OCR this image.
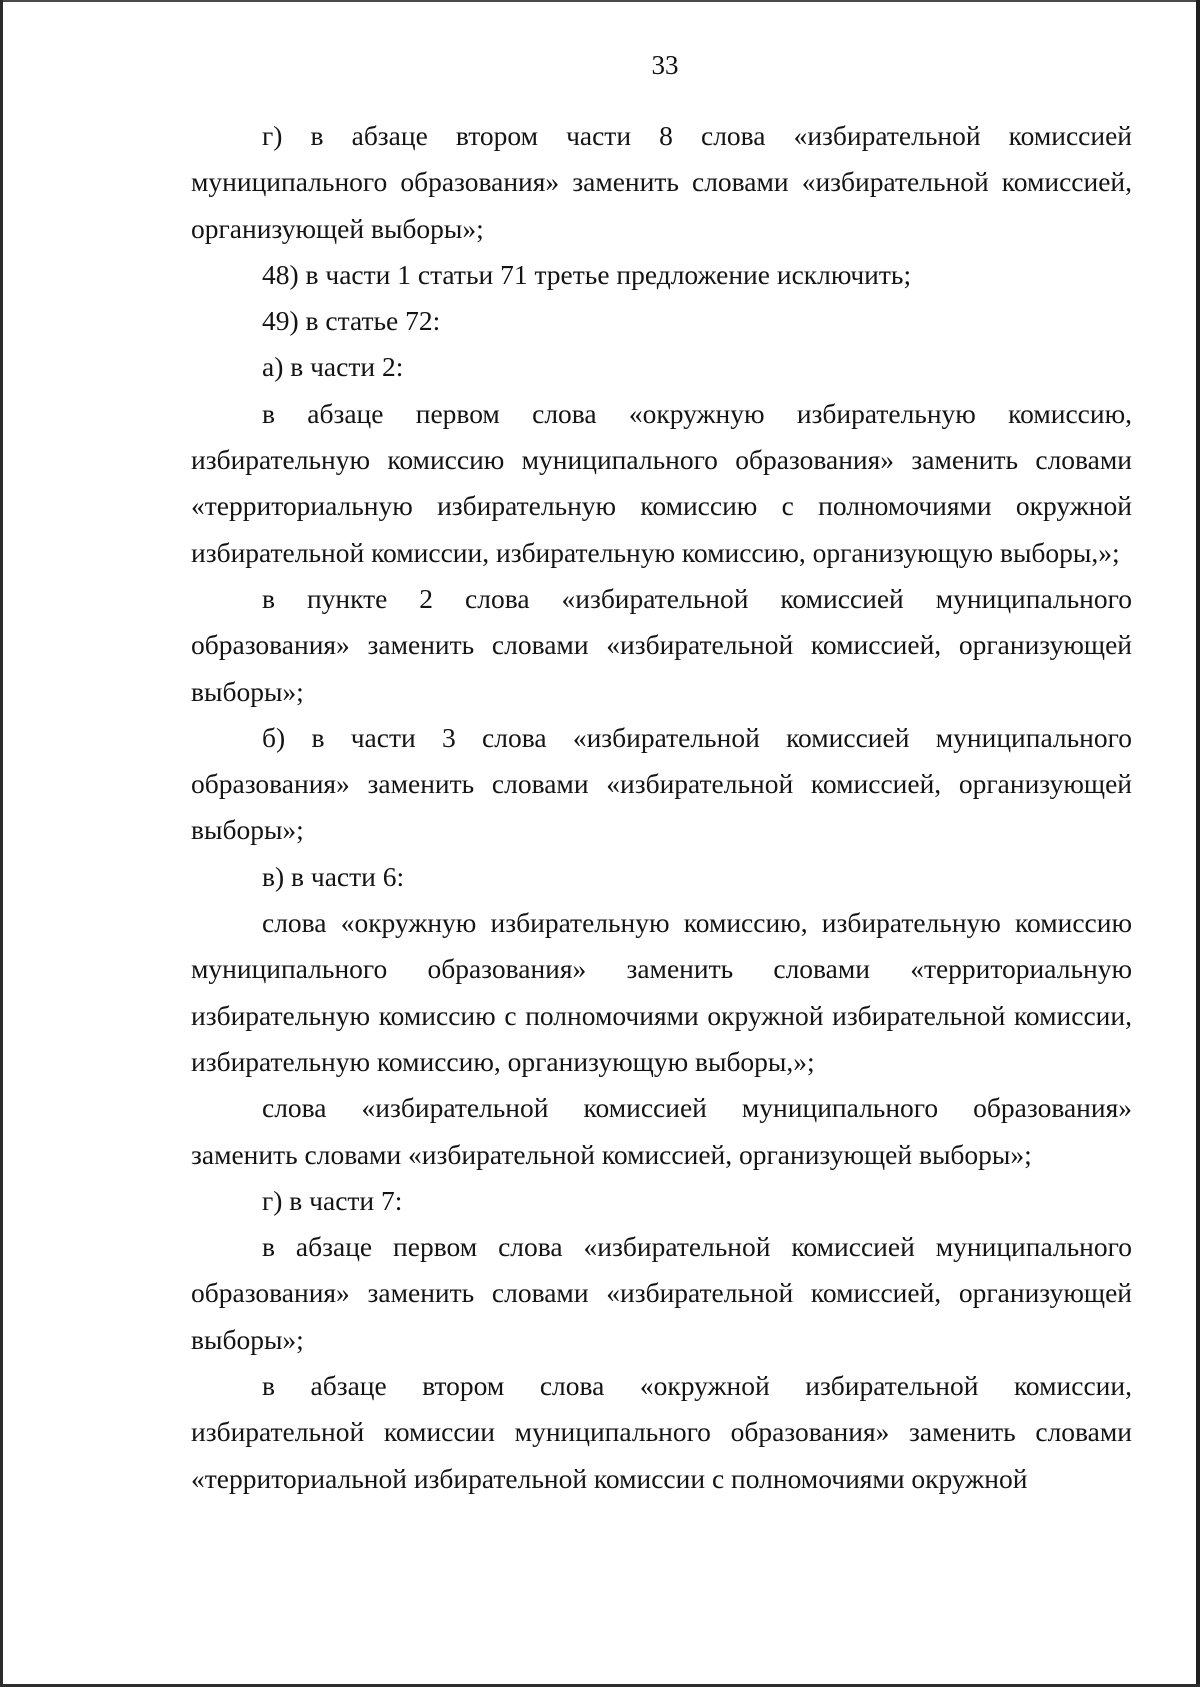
33

г) в абзаце втором части 8 слова «избирательной комиссией муниципального образования» заменить словами «избирательной комиссией, организующей выборы»;

48) в части 1 статьи 71 третье предложение исключить;

49) в статье 72:

а) в части 2:

в абзаце первом слова «окружную избирательную комиссию, избирательную комиссию муниципального образования» заменить словами «территориальную избирательную комиссию с полномочиями окружной избирательной комиссии, избирательную комиссию, организующую выборы,»;

в пункте 2 слова «избирательной комиссией муниципального образования» заменить словами «избирательной комиссией, организующей выборы»;

б) в части 3 слова «избирательной комиссией муниципального образования» заменить словами «избирательной комиссией, организующей выборы»;

в) в части 6:

слова «окружную избирательную комиссию, избирательную комиссию муниципального образования» заменить словами «территориальную избирательную комиссию с полномочиями окружной избирательной комиссии, избирательную комиссию, организующую выборы,»;

слова «избирательной комиссией муниципального образования» заменить словами «избирательной комиссией, организующей выборы»;

г) в части 7:

в абзаце первом слова «избирательной комиссией муниципального образования» заменить словами «избирательной комиссией, организующей выборы»;

в абзаце втором слова «окружной избирательной комиссии, избирательной комиссии муниципального образования» заменить словами «территориальной избирательной комиссии с полномочиями окружной
